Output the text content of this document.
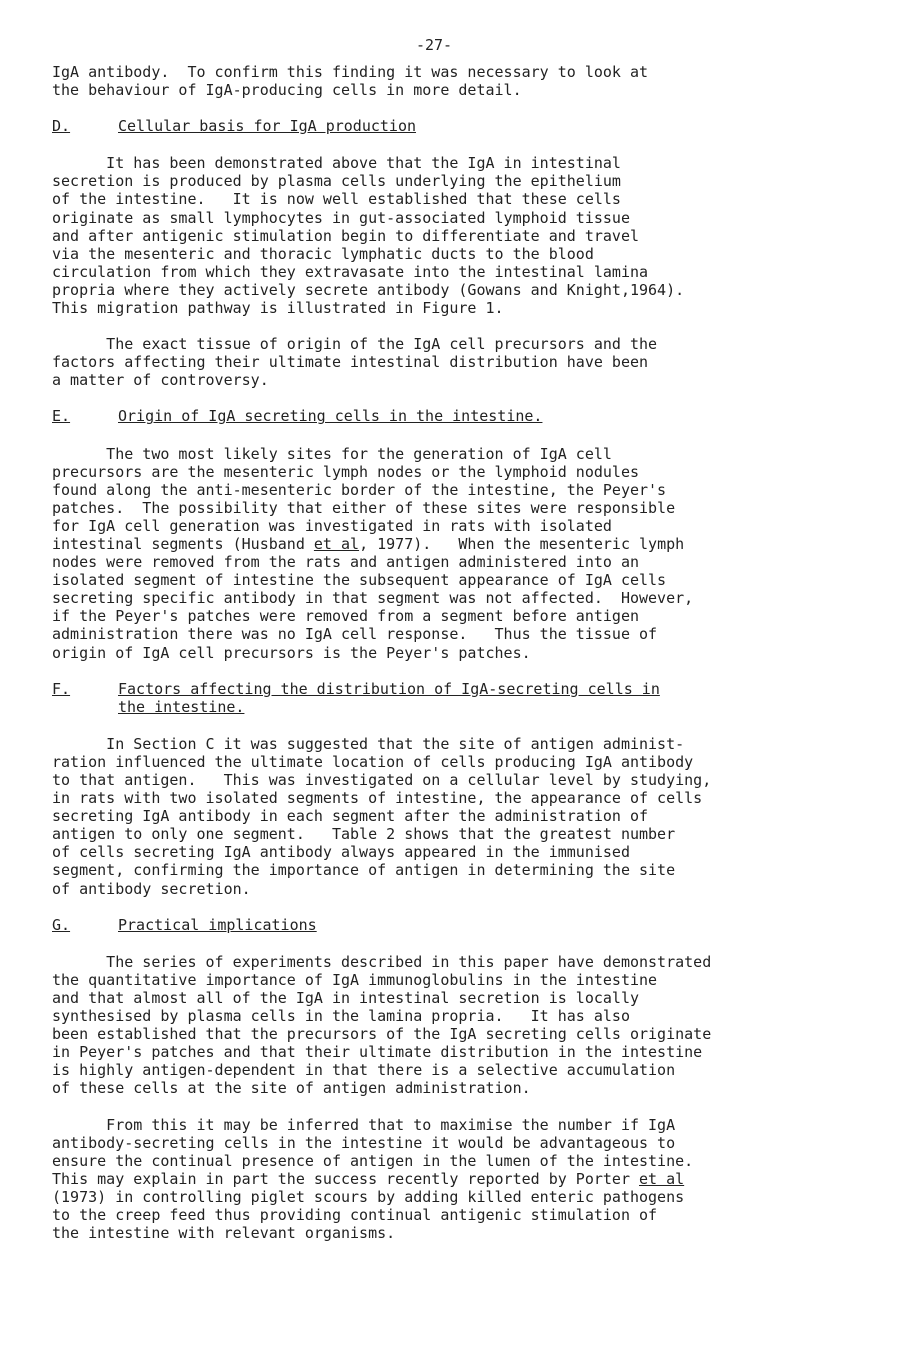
-27-
IgA antibody.  To confirm this finding it was necessary to look at
the behaviour of IgA-producing cells in more detail.
D.	Cellular basis for IgA production
It has been demonstrated above that the IgA in intestinal
secretion is produced by plasma cells underlying the epithelium
of the intestine.   It is now well established that these cells
originate as small lymphocytes in gut-associated lymphoid tissue
and after antigenic stimulation begin to differentiate and travel
via the mesenteric and thoracic lymphatic ducts to the blood
circulation from which they extravasate into the intestinal lamina
propria where they actively secrete antibody (Gowans and Knight,1964).
This migration pathway is illustrated in Figure 1.
The exact tissue of origin of the IgA cell precursors and the
factors affecting their ultimate intestinal distribution have been
a matter of controversy.
E.	Origin of IgA secreting cells in the intestine.
The two most likely sites for the generation of IgA cell
precursors are the mesenteric lymph nodes or the lymphoid nodules
found along the anti-mesenteric border of the intestine, the Peyer's
patches.  The possibility that either of these sites were responsible
for IgA cell generation was investigated in rats with isolated
intestinal segments (Husband et al, 1977).   When the mesenteric lymph
nodes were removed from the rats and antigen administered into an
isolated segment of intestine the subsequent appearance of IgA cells
secreting specific antibody in that segment was not affected.  However,
if the Peyer's patches were removed from a segment before antigen
administration there was no IgA cell response.   Thus the tissue of
origin of IgA cell precursors is the Peyer's patches.
F.	Factors affecting the distribution of IgA-secreting cells in
the intestine.
In Section C it was suggested that the site of antigen administ-
ration influenced the ultimate location of cells producing IgA antibody
to that antigen.   This was investigated on a cellular level by studying,
in rats with two isolated segments of intestine, the appearance of cells
secreting IgA antibody in each segment after the administration of
antigen to only one segment.   Table 2 shows that the greatest number
of cells secreting IgA antibody always appeared in the immunised
segment, confirming the importance of antigen in determining the site
of antibody secretion.
G.	Practical implications
The series of experiments described in this paper have demonstrated
the quantitative importance of IgA immunoglobulins in the intestine
and that almost all of the IgA in intestinal secretion is locally
synthesised by plasma cells in the lamina propria.   It has also
been established that the precursors of the IgA secreting cells originate
in Peyer's patches and that their ultimate distribution in the intestine
is highly antigen-dependent in that there is a selective accumulation
of these cells at the site of antigen administration.
From this it may be inferred that to maximise the number if IgA
antibody-secreting cells in the intestine it would be advantageous to
ensure the continual presence of antigen in the lumen of the intestine.
This may explain in part the success recently reported by Porter et al
(1973) in controlling piglet scours by adding killed enteric pathogens
to the creep feed thus providing continual antigenic stimulation of
the intestine with relevant organisms.
